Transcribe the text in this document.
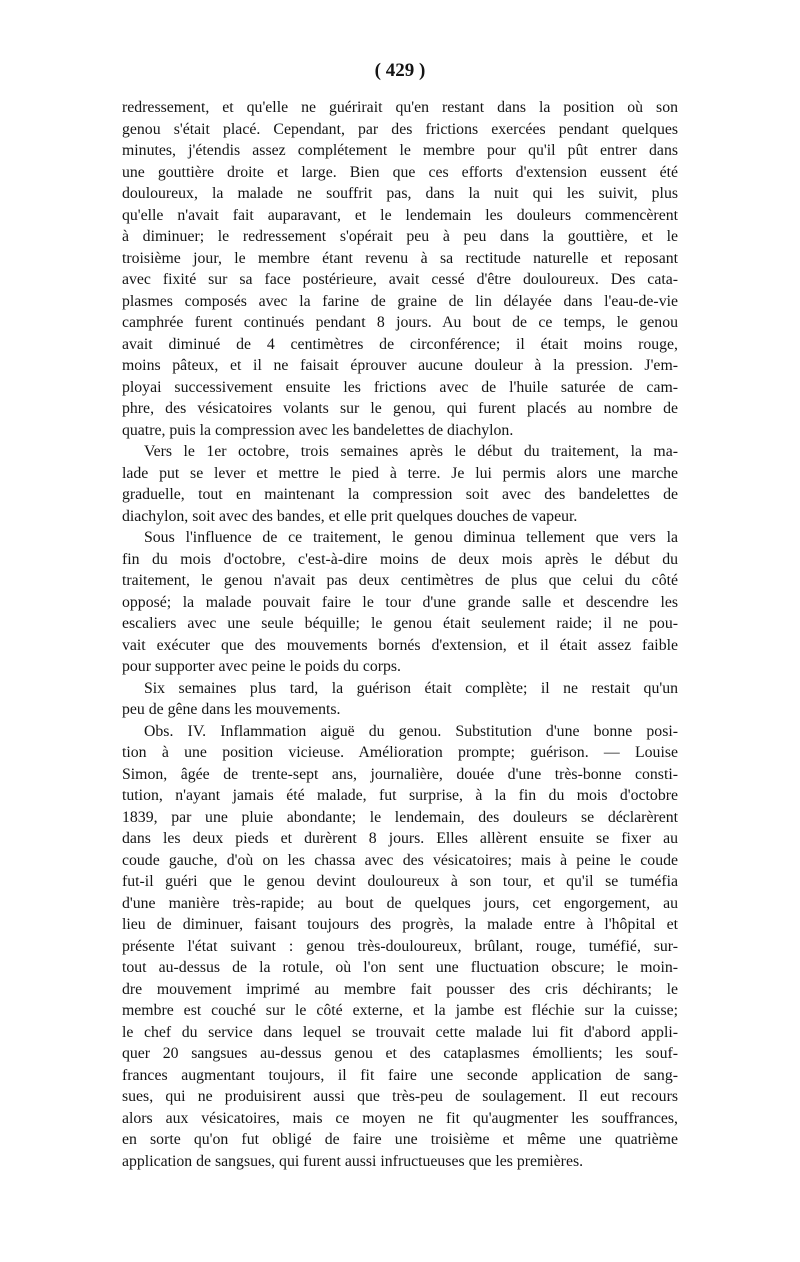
( 429 )
redressement, et qu'elle ne guérirait qu'en restant dans la position où son
genou s'était placé. Cependant, par des frictions exercées pendant quelques
minutes, j'étendis assez complétement le membre pour qu'il pût entrer dans
une gouttière droite et large. Bien que ces efforts d'extension eussent été
douloureux, la malade ne souffrit pas, dans la nuit qui les suivit, plus
qu'elle n'avait fait auparavant, et le lendemain les douleurs commencèrent
à diminuer; le redressement s'opérait peu à peu dans la gouttière, et le
troisième jour, le membre étant revenu à sa rectitude naturelle et reposant
avec fixité sur sa face postérieure, avait cessé d'être douloureux. Des cata-
plasmes composés avec la farine de graine de lin délayée dans l'eau-de-vie
camphrée furent continués pendant 8 jours. Au bout de ce temps, le genou
avait diminué de 4 centimètres de circonférence; il était moins rouge,
moins pâteux, et il ne faisait éprouver aucune douleur à la pression. J'em-
ployai successivement ensuite les frictions avec de l'huile saturée de cam-
phre, des vésicatoires volants sur le genou, qui furent placés au nombre de
quatre, puis la compression avec les bandelettes de diachylon.
Vers le 1er octobre, trois semaines après le début du traitement, la ma-
lade put se lever et mettre le pied à terre. Je lui permis alors une marche
graduelle, tout en maintenant la compression soit avec des bandelettes de
diachylon, soit avec des bandes, et elle prit quelques douches de vapeur.
Sous l'influence de ce traitement, le genou diminua tellement que vers la
fin du mois d'octobre, c'est-à-dire moins de deux mois après le début du
traitement, le genou n'avait pas deux centimètres de plus que celui du côté
opposé; la malade pouvait faire le tour d'une grande salle et descendre les
escaliers avec une seule béquille; le genou était seulement raide; il ne pou-
vait exécuter que des mouvements bornés d'extension, et il était assez faible
pour supporter avec peine le poids du corps.
Six semaines plus tard, la guérison était complète; il ne restait qu'un
peu de gêne dans les mouvements.
Obs. IV. Inflammation aiguë du genou. Substitution d'une bonne posi-
tion à une position vicieuse. Amélioration prompte; guérison. — Louise
Simon, âgée de trente-sept ans, journalière, douée d'une très-bonne consti-
tution, n'ayant jamais été malade, fut surprise, à la fin du mois d'octobre
1839, par une pluie abondante; le lendemain, des douleurs se déclarèrent
dans les deux pieds et durèrent 8 jours. Elles allèrent ensuite se fixer au
coude gauche, d'où on les chassa avec des vésicatoires; mais à peine le coude
fut-il guéri que le genou devint douloureux à son tour, et qu'il se tuméfia
d'une manière très-rapide; au bout de quelques jours, cet engorgement, au
lieu de diminuer, faisant toujours des progrès, la malade entre à l'hôpital et
présente l'état suivant : genou très-douloureux, brûlant, rouge, tuméfié, sur-
tout au-dessus de la rotule, où l'on sent une fluctuation obscure; le moin-
dre mouvement imprimé au membre fait pousser des cris déchirants; le
membre est couché sur le côté externe, et la jambe est fléchie sur la cuisse;
le chef du service dans lequel se trouvait cette malade lui fit d'abord appli-
quer 20 sangsues au-dessus genou et des cataplasmes émollients; les souf-
frances augmentant toujours, il fit faire une seconde application de sang-
sues, qui ne produisirent aussi que très-peu de soulagement. Il eut recours
alors aux vésicatoires, mais ce moyen ne fit qu'augmenter les souffrances,
en sorte qu'on fut obligé de faire une troisième et même une quatrième
application de sangsues, qui furent aussi infructueuses que les premières.
